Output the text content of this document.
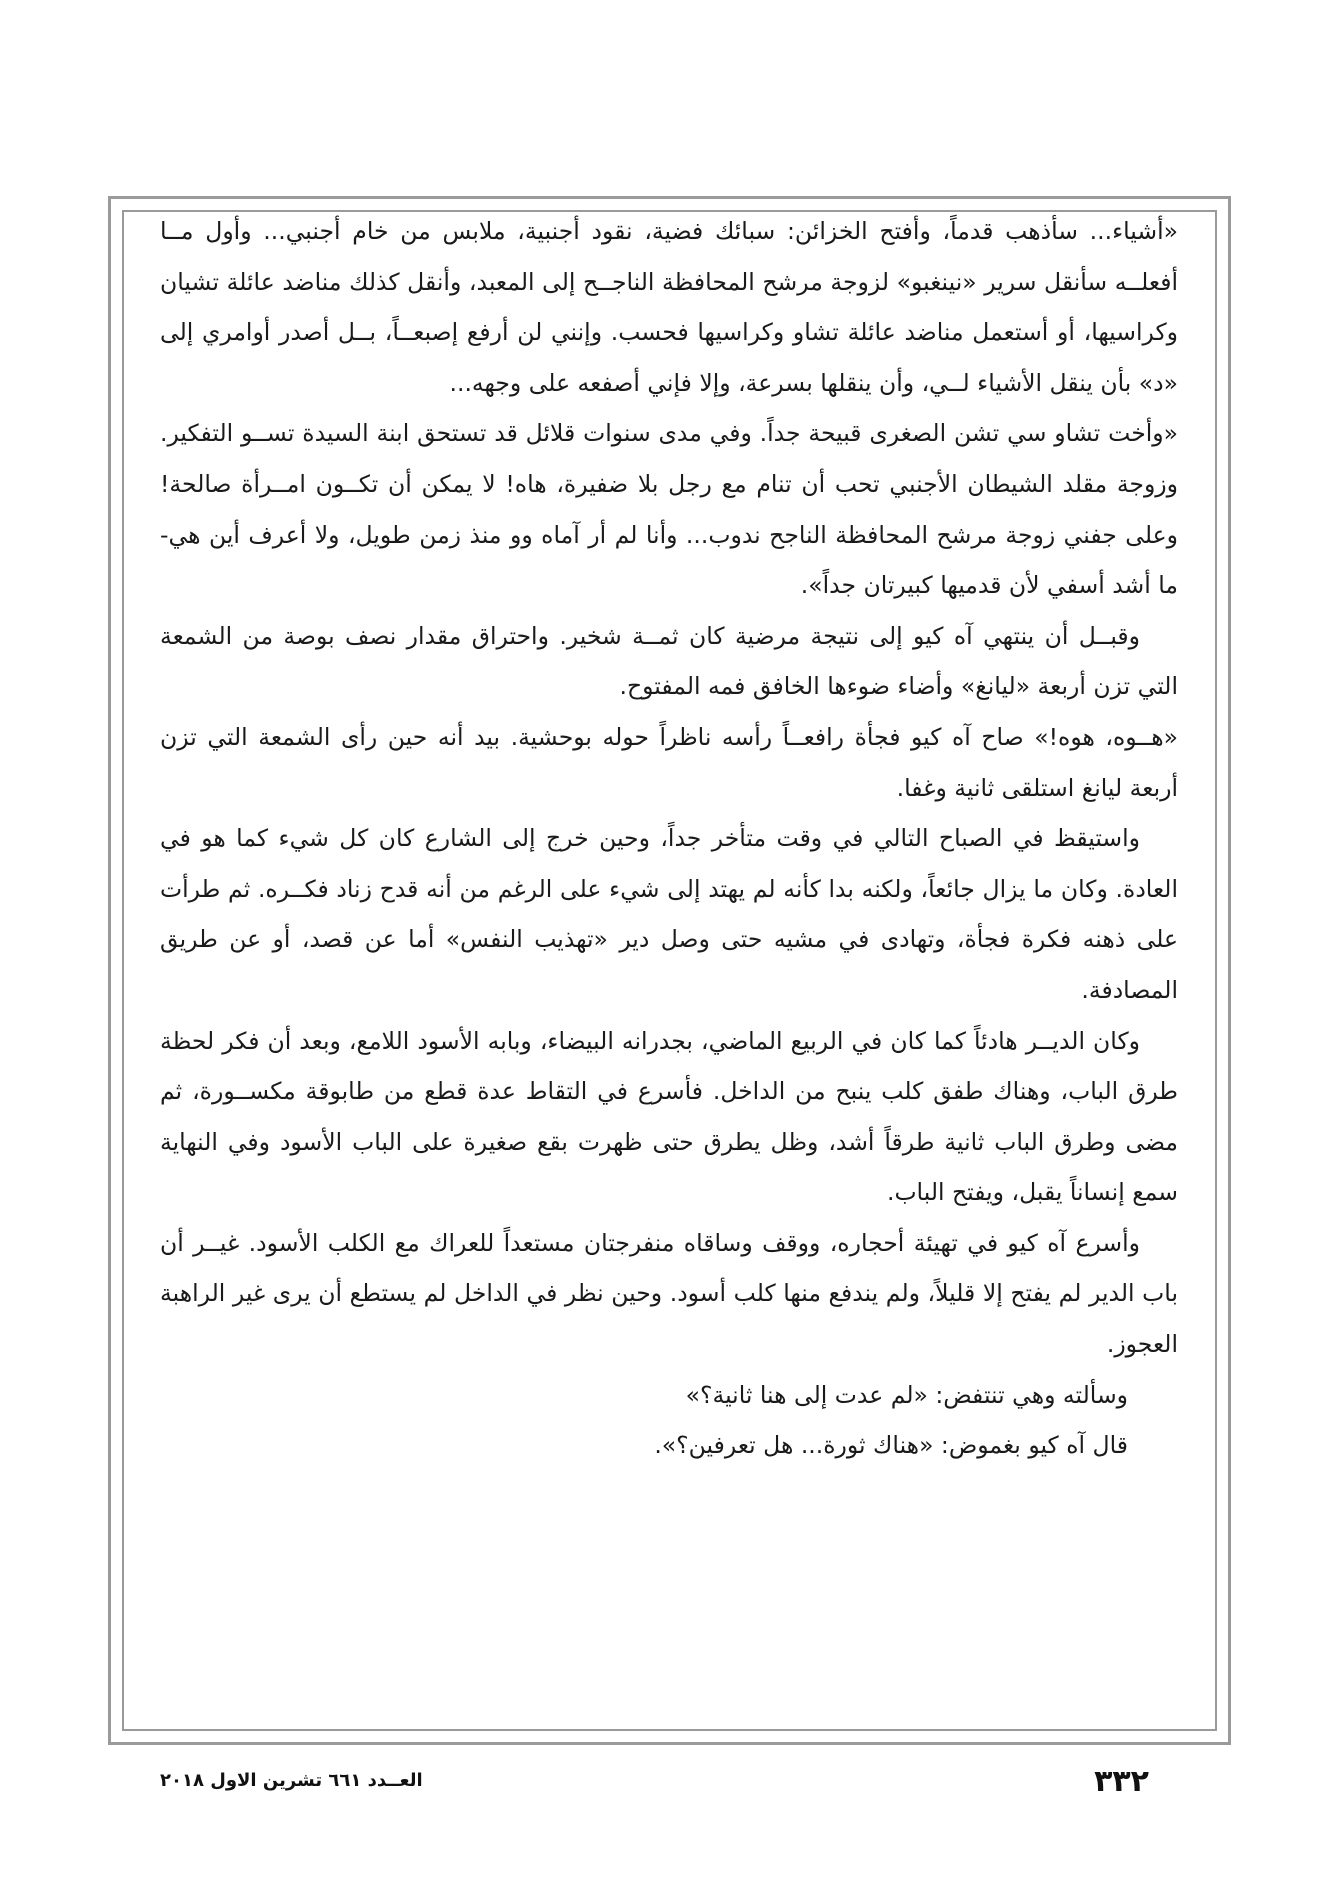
«أشياء... سأذهب قدماً، وأفتح الخزائن: سبائك فضية، نقود أجنبية، ملابس من خام أجنبي... وأول مــا أفعلــه سأنقل سرير «نينغبو» لزوجة مرشح المحافظة الناجــح إلى المعبد، وأنقل كذلك مناضد عائلة تشيان وكراسيها، أو أستعمل مناضد عائلة تشاو وكراسيها فحسب. وإنني لن أرفع إصبعــاً، بــل أصدر أوامري إلى «د» بأن ينقل الأشياء لــي، وأن ينقلها بسرعة، وإلا فإني أصفعه على وجهه...

«وأخت تشاو سي تشن الصغرى قبيحة جداً. وفي مدى سنوات قلائل قد تستحق ابنة السيدة تســو التفكير. وزوجة مقلد الشيطان الأجنبي تحب أن تنام مع رجل بلا ضفيرة، هاه! لا يمكن أن تكــون امــرأة صالحة! وعلى جفني زوجة مرشح المحافظة الناجح ندوب... وأنا لم أر آماه وو منذ زمن طويل، ولا أعرف أين هي- ما أشد أسفي لأن قدميها كبيرتان جداً».

وقبــل أن ينتهي آه كيو إلى نتيجة مرضية كان ثمــة شخير. واحتراق مقدار نصف بوصة من الشمعة التي تزن أربعة «ليانغ» وأضاء ضوءها الخافق فمه المفتوح.

«هــوه، هوه!» صاح آه كيو فجأة رافعــاً رأسه ناظراً حوله بوحشية. بيد أنه حين رأى الشمعة التي تزن أربعة ليانغ استلقى ثانية وغفا.

واستيقظ في الصباح التالي في وقت متأخر جداً، وحين خرج إلى الشارع كان كل شيء كما هو في العادة. وكان ما يزال جائعاً، ولكنه بدا كأنه لم يهتد إلى شيء على الرغم من أنه قدح زناد فكــره. ثم طرأت على ذهنه فكرة فجأة، وتهادى في مشيه حتى وصل دير «تهذيب النفس» أما عن قصد، أو عن طريق المصادفة.

وكان الديــر هادئاً كما كان في الربيع الماضي، بجدرانه البيضاء، وبابه الأسود اللامع، وبعد أن فكر لحظة طرق الباب، وهناك طفق كلب ينبح من الداخل. فأسرع في التقاط عدة قطع من طابوقة مكســورة، ثم مضى وطرق الباب ثانية طرقاً أشد، وظل يطرق حتى ظهرت بقع صغيرة على الباب الأسود وفي النهاية سمع إنساناً يقبل، ويفتح الباب.

وأسرع آه كيو في تهيئة أحجاره، ووقف وساقاه منفرجتان مستعداً للعراك مع الكلب الأسود. غيــر أن باب الدير لم يفتح إلا قليلاً، ولم يندفع منها كلب أسود. وحين نظر في الداخل لم يستطع أن يرى غير الراهبة العجوز.

وسألته وهي تنتفض: «لم عدت إلى هنا ثانية؟»

قال آه كيو بغموض: «هناك ثورة... هل تعرفين؟».

٣٣٢
العــدد ٦٦١ تشرين الاول ٢٠١٨
